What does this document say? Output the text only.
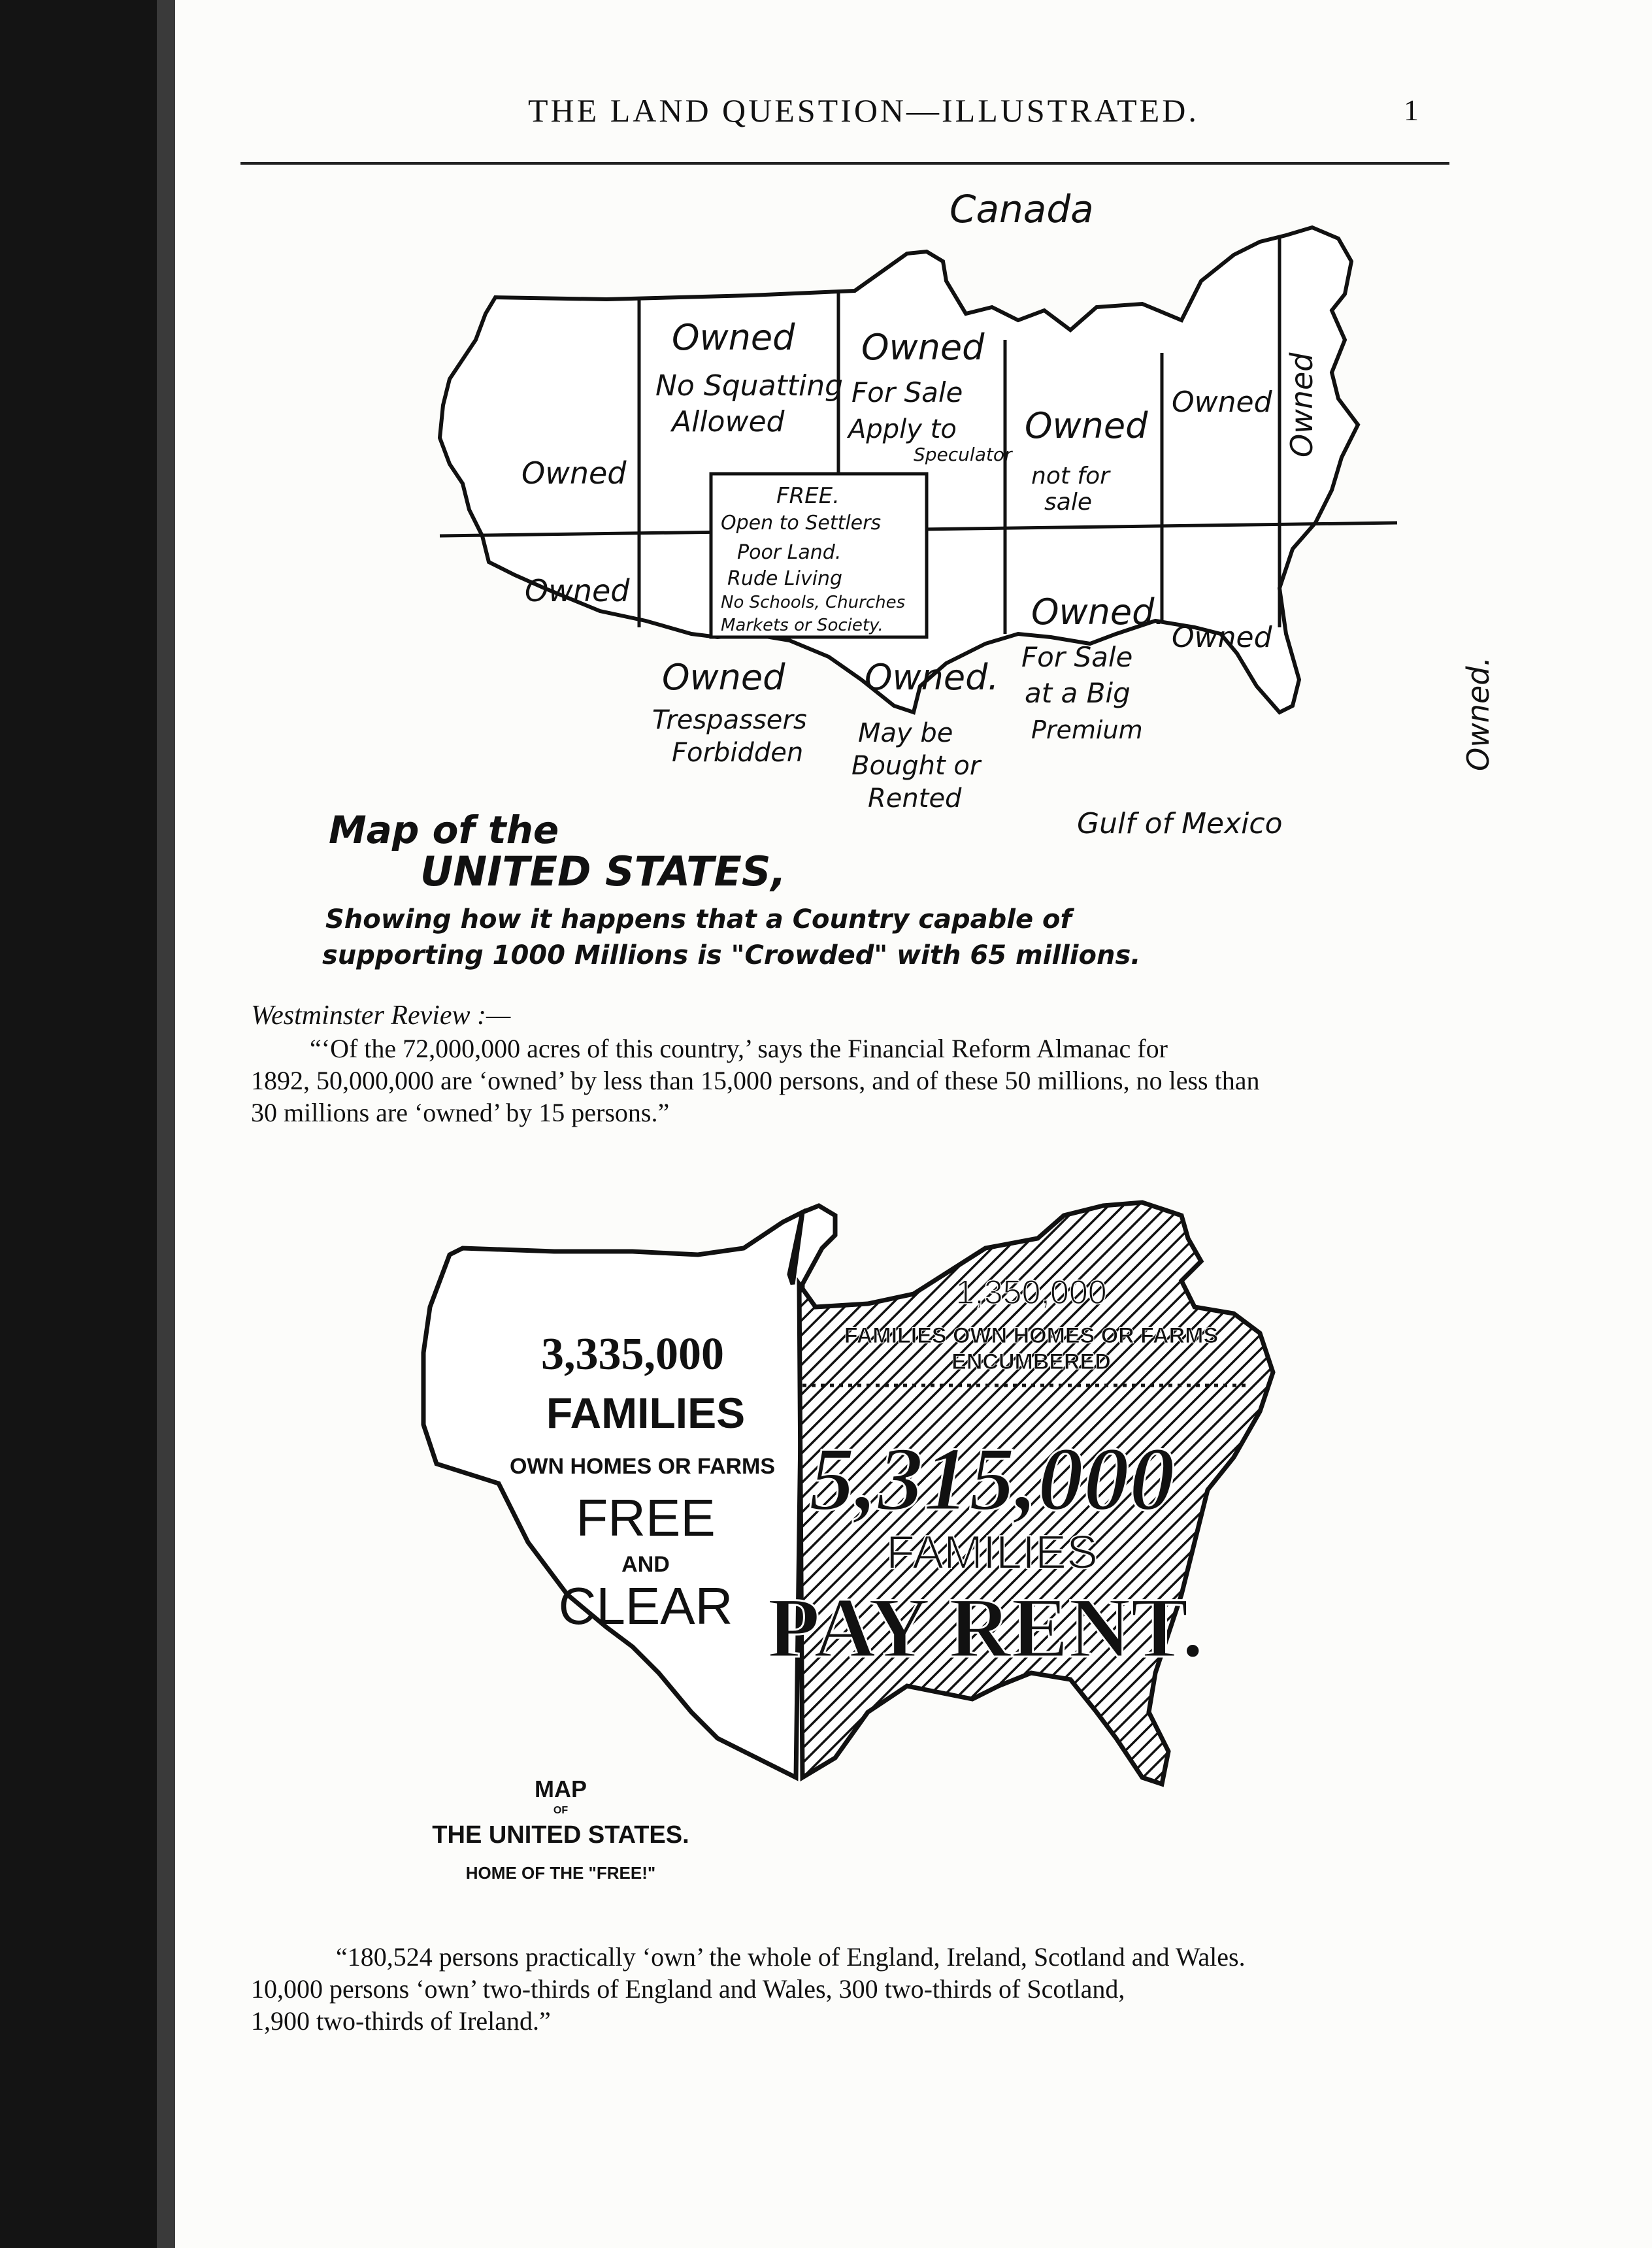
THE LAND QUESTION—ILLUSTRATED.	1
Canada
Gulf of Mexico
Owned
Owned
No Squatting
Allowed
Owned
For Sale
Apply to
Speculator
Owned
not for
sale
Owned Owned
FREE.
Open to Settlers
Poor Land.
Rude Living
No Schools, Churches
Markets or Society.
Owned
Owned
Trespassers
Forbidden
Owned.
May be
Bought or
Rented
Owned.
For Sale
at a Big
Premium
Owned
Owned.
Map of the
UNITED STATES,
Showing how it happens that a Country capable of
supporting 1000 Millions is "Crowded" with 65 millions.
Westminster Review :—
“‘Of the 72,000,000 acres of this country,’ says the Financial Reform Almanac for
1892, 50,000,000 are ‘owned’ by less than 15,000 persons, and of these 50 millions, no less than
30 millions are ‘owned’ by 15 persons.”
3,335,000
FAMILIES
OWN HOMES OR FARMS
FREE
AND
CLEAR
1,350,000
FAMILIES OWN HOMES OR FARMS
ENCUMBERED
5,315,000
FAMILIES
PAY RENT.
MAP
OF
THE UNITED STATES.
HOME OF THE "FREE!"
“180,524 persons practically ‘own’ the whole of England, Ireland, Scotland and Wales.
10,000 persons ‘own’ two-thirds of England and Wales, 300 two-thirds of Scotland,
1,900 two-thirds of Ireland.”
